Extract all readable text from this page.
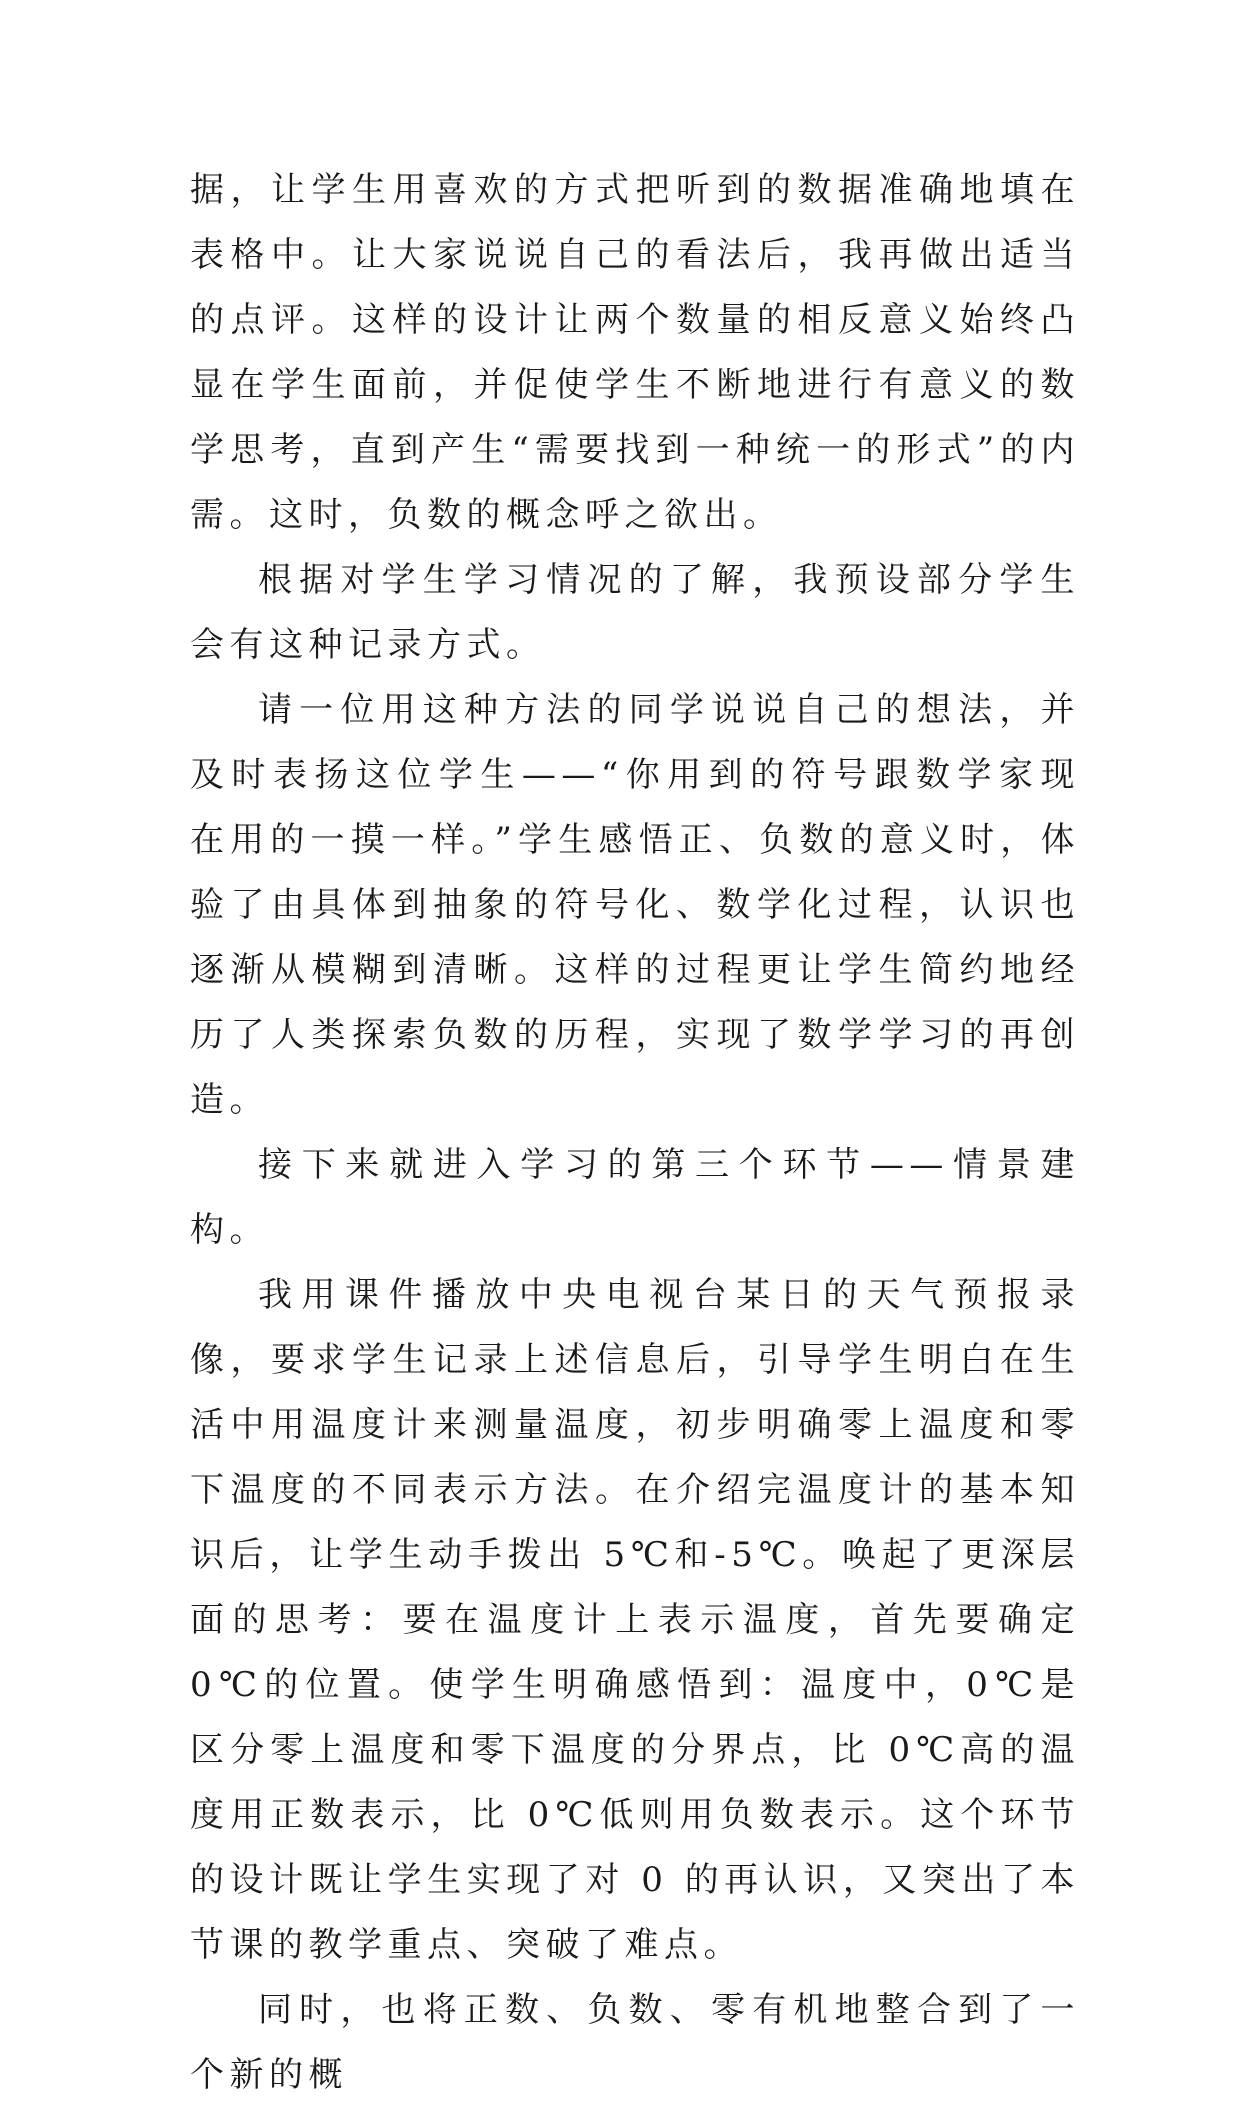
据，让学生用喜欢的方式把听到的数据准确地填在表格中。让大家说说自己的看法后，我再做出适当的点评。这样的设计让两个数量的相反意义始终凸显在学生面前，并促使学生不断地进行有意义的数学思考，直到产生“需要找到一种统一的形式”的内需。这时，负数的概念呼之欲出。

根据对学生学习情况的了解，我预设部分学生会有这种记录方式。

请一位用这种方法的同学说说自己的想法，并及时表扬这位学生——“你用到的符号跟数学家现在用的一摸一样。”学生感悟正、负数的意义时，体验了由具体到抽象的符号化、数学化过程，认识也逐渐从模糊到清晰。这样的过程更让学生简约地经历了人类探索负数的历程，实现了数学学习的再创造。

接下来就进入学习的第三个环节——情景建构。

我用课件播放中央电视台某日的天气预报录像，要求学生记录上述信息后，引导学生明白在生活中用温度计来测量温度，初步明确零上温度和零下温度的不同表示方法。在介绍完温度计的基本知识后，让学生动手拨出 5℃和-5℃。唤起了更深层面的思考：要在温度计上表示温度，首先要确定 0℃的位置。使学生明确感悟到：温度中，0℃是区分零上温度和零下温度的分界点，比 0℃高的温度用正数表示，比 0℃低则用负数表示。这个环节的设计既让学生实现了对 0 的再认识，又突出了本节课的教学重点、突破了难点。

同时，也将正数、负数、零有机地整合到了一个新的概
